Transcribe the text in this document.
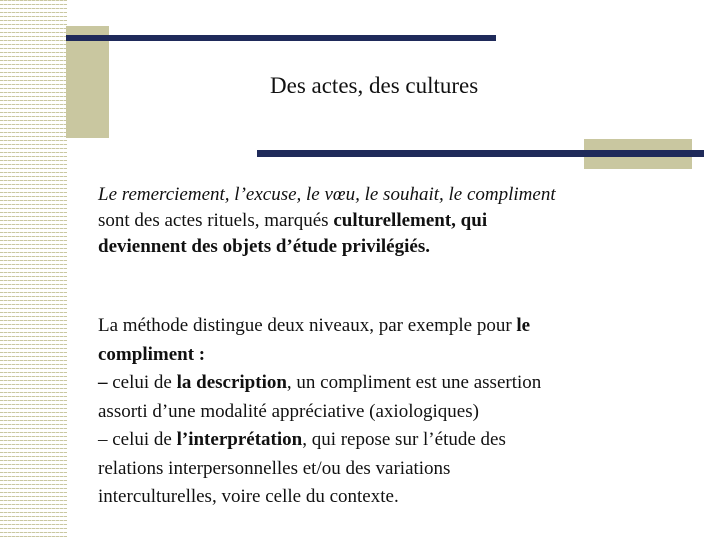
Des actes, des cultures
Le remerciement, l’excuse, le vœu, le souhait, le compliment
sont des actes rituels, marqués culturellement, qui
deviennent des objets d’étude privilégiés.
La méthode distingue deux niveaux, par exemple pour le
compliment :
– celui de la description, un compliment est une assertion
assorti d’une modalité appréciative (axiologiques)
– celui de l’interprétation, qui repose sur l’étude des
relations interpersonnelles et/ou des variations
interculturelles, voire celle du contexte.
